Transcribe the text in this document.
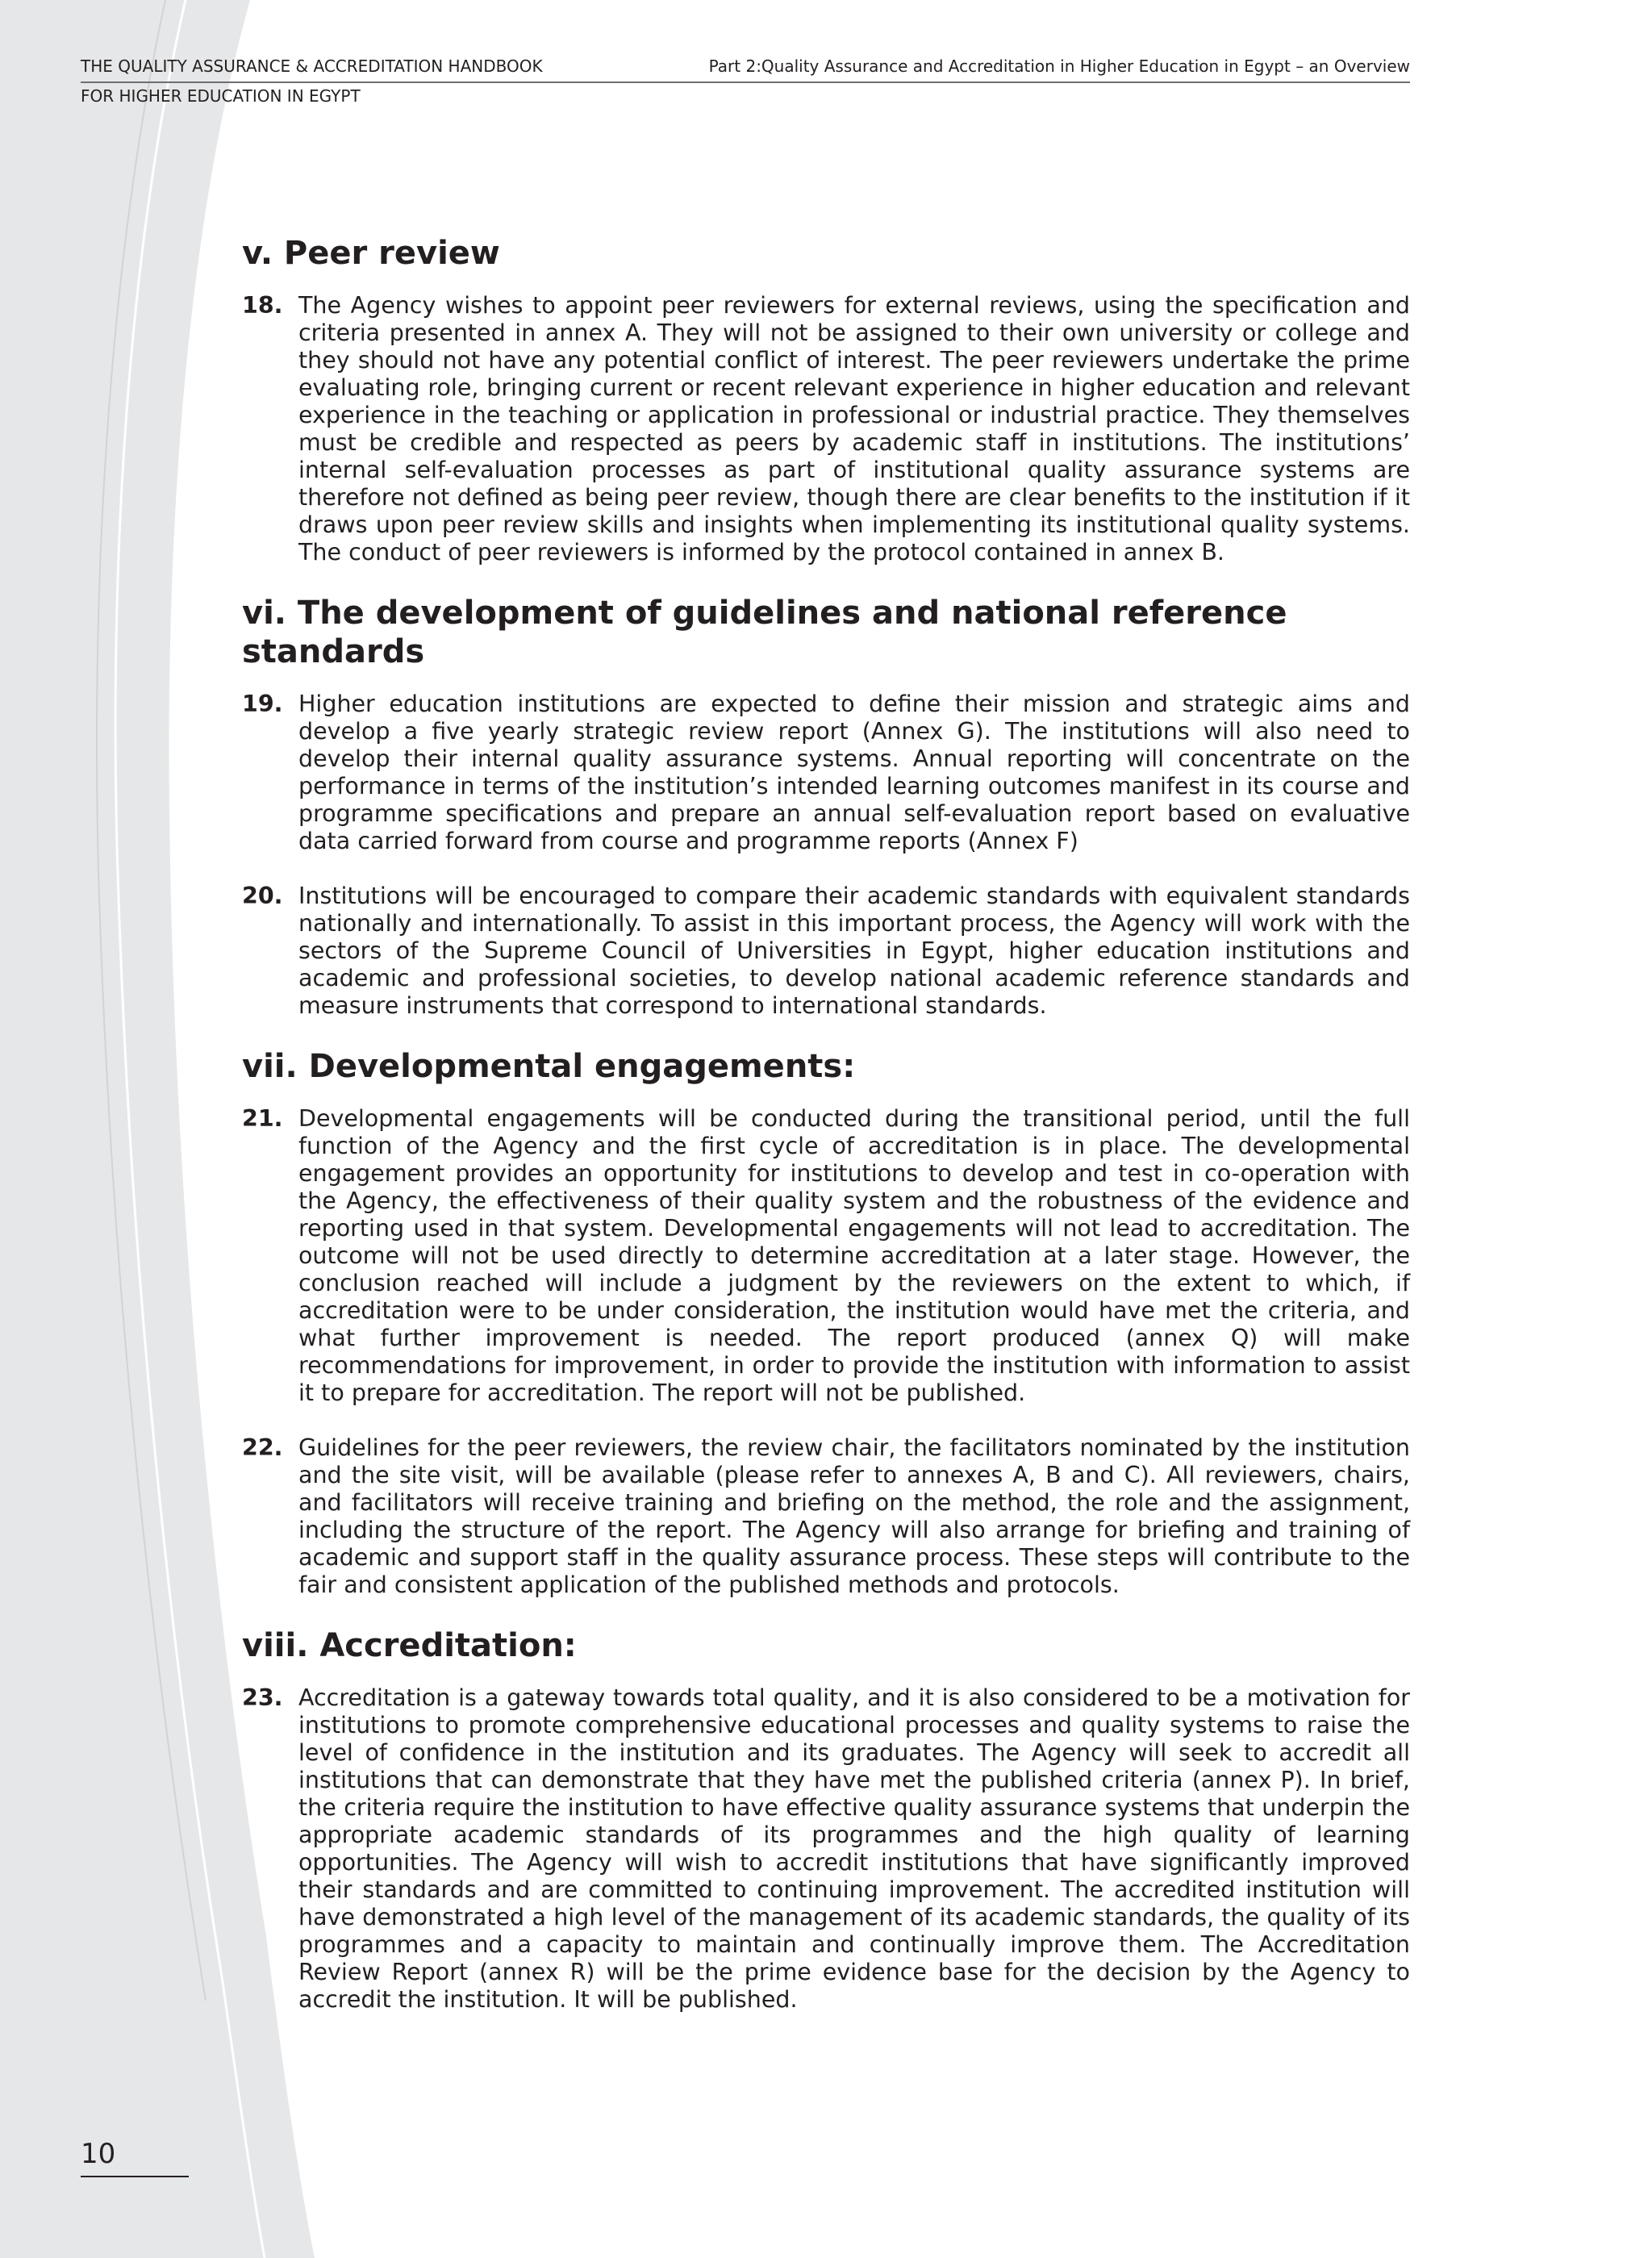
THE QUALITY ASSURANCE & ACCREDITATION HANDBOOK
FOR HIGHER EDUCATION IN EGYPT
Part 2:Quality Assurance and Accreditation in Higher Education in Egypt – an Overview
v. Peer review
18. The Agency wishes to appoint peer reviewers for external reviews, using the specification and criteria presented in annex A. They will not be assigned to their own university or college and they should not have any potential conflict of interest. The peer reviewers undertake the prime evaluating role, bringing current or recent relevant experience in higher education and relevant experience in the teaching or application in professional or industrial practice. They themselves must be credible and respected as peers by academic staff in institutions. The institutions’ internal self-evaluation processes as part of institutional quality assurance systems are therefore not defined as being peer review, though there are clear benefits to the institution if it draws upon peer review skills and insights when implementing its institutional quality systems. The conduct of peer reviewers is informed by the protocol contained in annex B.
vi. The development of guidelines and national reference standards
19. Higher education institutions are expected to define their mission and strategic aims and develop a five yearly strategic review report (Annex G). The institutions will also need to develop their internal quality assurance systems. Annual reporting will concentrate on the performance in terms of the institution’s intended learning outcomes manifest in its course and programme specifications and prepare an annual self-evaluation report based on evaluative data carried forward from course and programme reports (Annex F)
20. Institutions will be encouraged to compare their academic standards with equivalent standards nationally and internationally. To assist in this important process, the Agency will work with the sectors of the Supreme Council of Universities in Egypt, higher education institutions and academic and professional societies, to develop national academic reference standards and measure instruments that correspond to international standards.
vii. Developmental engagements:
21. Developmental engagements will be conducted during the transitional period, until the full function of the Agency and the first cycle of accreditation is in place. The developmental engagement provides an opportunity for institutions to develop and test in co-operation with the Agency, the effectiveness of their quality system and the robustness of the evidence and reporting used in that system. Developmental engagements will not lead to accreditation. The outcome will not be used directly to determine accreditation at a later stage. However, the conclusion reached will include a judgment by the reviewers on the extent to which, if accreditation were to be under consideration, the institution would have met the criteria, and what further improvement is needed. The report produced (annex Q) will make recommendations for improvement, in order to provide the institution with information to assist it to prepare for accreditation. The report will not be published.
22. Guidelines for the peer reviewers, the review chair, the facilitators nominated by the institution and the site visit, will be available (please refer to annexes A, B and C). All reviewers, chairs, and facilitators will receive training and briefing on the method, the role and the assignment, including the structure of the report. The Agency will also arrange for briefing and training of academic and support staff in the quality assurance process. These steps will contribute to the fair and consistent application of the published methods and protocols.
viii. Accreditation:
23. Accreditation is a gateway towards total quality, and it is also considered to be a motivation for institutions to promote comprehensive educational processes and quality systems to raise the level of confidence in the institution and its graduates. The Agency will seek to accredit all institutions that can demonstrate that they have met the published criteria (annex P). In brief, the criteria require the institution to have effective quality assurance systems that underpin the appropriate academic standards of its programmes and the high quality of learning opportunities. The Agency will wish to accredit institutions that have significantly improved their standards and are committed to continuing improvement. The accredited institution will have demonstrated a high level of the management of its academic standards, the quality of its programmes and a capacity to maintain and continually improve them. The Accreditation Review Report (annex R) will be the prime evidence base for the decision by the Agency to accredit the institution. It will be published.
10
